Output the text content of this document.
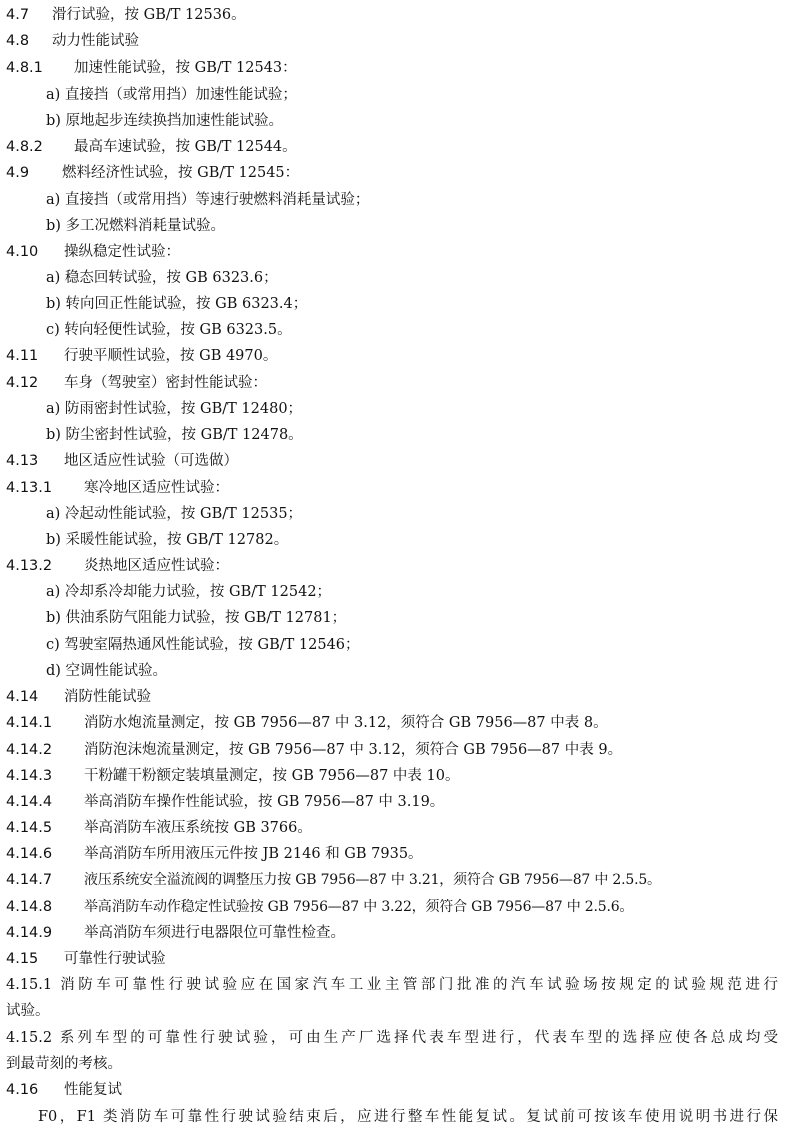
4.7 滑行试验，按 GB/T 12536。
4.8 动力性能试验
4.8.1 加速性能试验，按 GB/T 12543：
a) 直接挡（或常用挡）加速性能试验；
b) 原地起步连续换挡加速性能试验。
4.8.2 最高车速试验，按 GB/T 12544。
4.9 燃料经济性试验，按 GB/T 12545：
a) 直接挡（或常用挡）等速行驶燃料消耗量试验；
b) 多工况燃料消耗量试验。
4.10 操纵稳定性试验：
a) 稳态回转试验，按 GB 6323.6；
b) 转向回正性能试验，按 GB 6323.4；
c) 转向轻便性试验，按 GB 6323.5。
4.11 行驶平顺性试验，按 GB 4970。
4.12 车身（驾驶室）密封性能试验：
a) 防雨密封性试验，按 GB/T 12480；
b) 防尘密封性试验，按 GB/T 12478。
4.13 地区适应性试验（可选做）
4.13.1 寒冷地区适应性试验：
a) 冷起动性能试验，按 GB/T 12535；
b) 采暖性能试验，按 GB/T 12782。
4.13.2 炎热地区适应性试验：
a) 冷却系冷却能力试验，按 GB/T 12542；
b) 供油系防气阻能力试验，按 GB/T 12781；
c) 驾驶室隔热通风性能试验，按 GB/T 12546；
d) 空调性能试验。
4.14 消防性能试验
4.14.1 消防水炮流量测定，按 GB 7956—87 中 3.12，须符合 GB 7956—87 中表 8。
4.14.2 消防泡沫炮流量测定，按 GB 7956—87 中 3.12，须符合 GB 7956—87 中表 9。
4.14.3 干粉罐干粉额定装填量测定，按 GB 7956—87 中表 10。
4.14.4 举高消防车操作性能试验，按 GB 7956—87 中 3.19。
4.14.5 举高消防车液压系统按 GB 3766。
4.14.6 举高消防车所用液压元件按 JB 2146 和 GB 7935。
4.14.7 液压系统安全溢流阀的调整压力按 GB 7956—87 中 3.21，须符合 GB 7956—87 中 2.5.5。
4.14.8 举高消防车动作稳定性试验按 GB 7956—87 中 3.22，须符合 GB 7956—87 中 2.5.6。
4.14.9 举高消防车须进行电器限位可靠性检查。
4.15 可靠性行驶试验
4.15.1 消防车可靠性行驶试验应在国家汽车工业主管部门批准的汽车试验场按规定的试验规范进行
试验。
4.15.2 系列车型的可靠性行驶试验，可由生产厂选择代表车型进行，代表车型的选择应使各总成均受
到最苛刻的考核。
4.16 性能复试
F0，F1 类消防车可靠性行驶试验结束后，应进行整车性能复试。复试前可按该车使用说明书进行保
